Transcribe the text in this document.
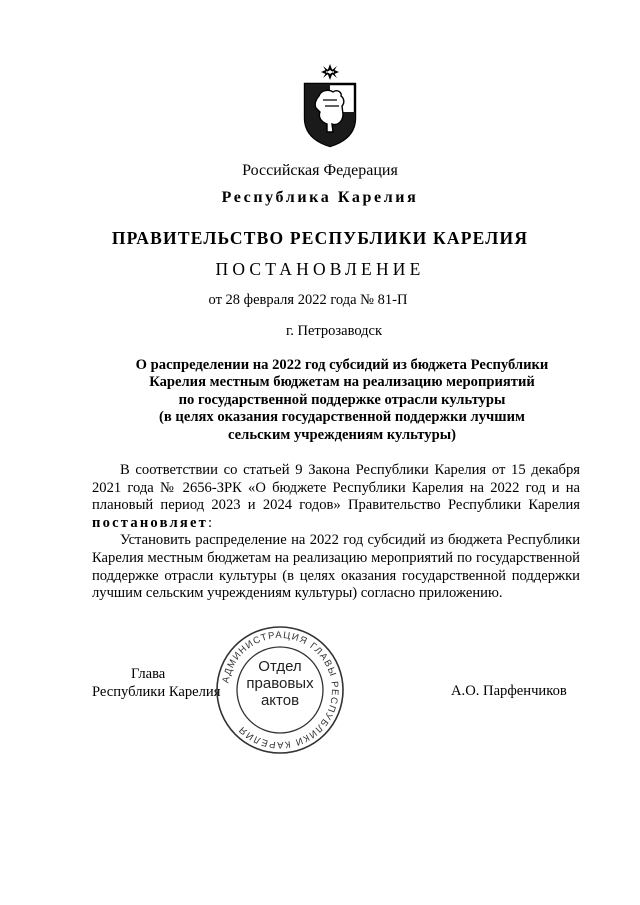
Российская Федерация
Республика Карелия
ПРАВИТЕЛЬСТВО РЕСПУБЛИКИ КАРЕЛИЯ
ПОСТАНОВЛЕНИЕ
от 28 февраля 2022 года № 81-П
г. Петрозаводск
О распределении на 2022 год субсидий из бюджета Республики
Карелия местным бюджетам на реализацию мероприятий
по государственной поддержке отрасли культуры
(в целях оказания государственной поддержки лучшим
сельским учреждениям культуры)

В соответствии со статьей 9 Закона Республики Карелия от 15 декабря 2021 года № 2656-ЗРК «О бюджете Республики Карелия на 2022 год и на плановый период 2023 и 2024 годов» Правительство Республики Карелия постановляет:

Установить распределение на 2022 год субсидий из бюджета Республики Карелия местным бюджетам на реализацию мероприятий по государственной поддержке отрасли культуры (в целях оказания государственной поддержки лучшим сельским учреждениям культуры) согласно приложению.

Глава
Республики Карелия	А.О. Парфенчиков
АДМИНИСТРАЦИЯ ГЛАВЫ РЕСПУБЛИКИ КАРЕЛИЯ
Отдел
правовых
актов
